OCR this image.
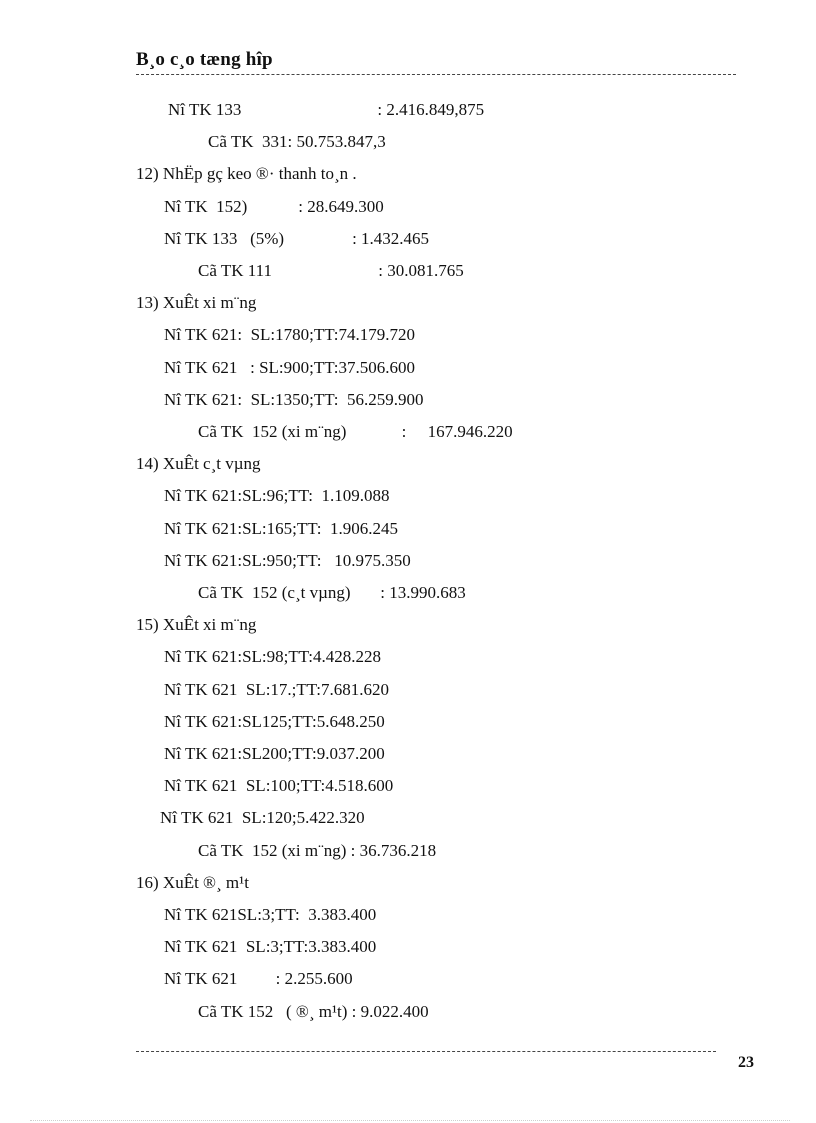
B¸o c¸o tæng hîp
Nî TK 133                                : 2.416.849,875
Cã TK  331: 50.753.847,3
12) NhËp gç keo ®· thanh to¸n .
Nî TK  152)            : 28.649.300
Nî TK 133   (5%)                : 1.432.465
Cã TK 111                         : 30.081.765
13) XuÊt xi m¨ng
Nî TK 621:  SL:1780;TT:74.179.720
Nî TK 621   : SL:900;TT:37.506.600
Nî TK 621:  SL:1350;TT:  56.259.900
Cã TK  152 (xi m¨ng)             :     167.946.220
14) XuÊt c¸t vµng
Nî TK 621:SL:96;TT:  1.109.088
Nî TK 621:SL:165;TT:  1.906.245
Nî TK 621:SL:950;TT:   10.975.350
Cã TK  152 (c¸t vµng)       : 13.990.683
15) XuÊt xi m¨ng
Nî TK 621:SL:98;TT:4.428.228
Nî TK 621  SL:17.;TT:7.681.620
Nî TK 621:SL125;TT:5.648.250
Nî TK 621:SL200;TT:9.037.200
Nî TK 621  SL:100;TT:4.518.600
Nî TK 621  SL:120;5.422.320
Cã TK  152 (xi m¨ng) : 36.736.218
16) XuÊt ®¸ m¹t
Nî TK 621SL:3;TT:  3.383.400
Nî TK 621  SL:3;TT:3.383.400
Nî TK 621         : 2.255.600
Cã TK 152   ( ®¸ m¹t) : 9.022.400
23
